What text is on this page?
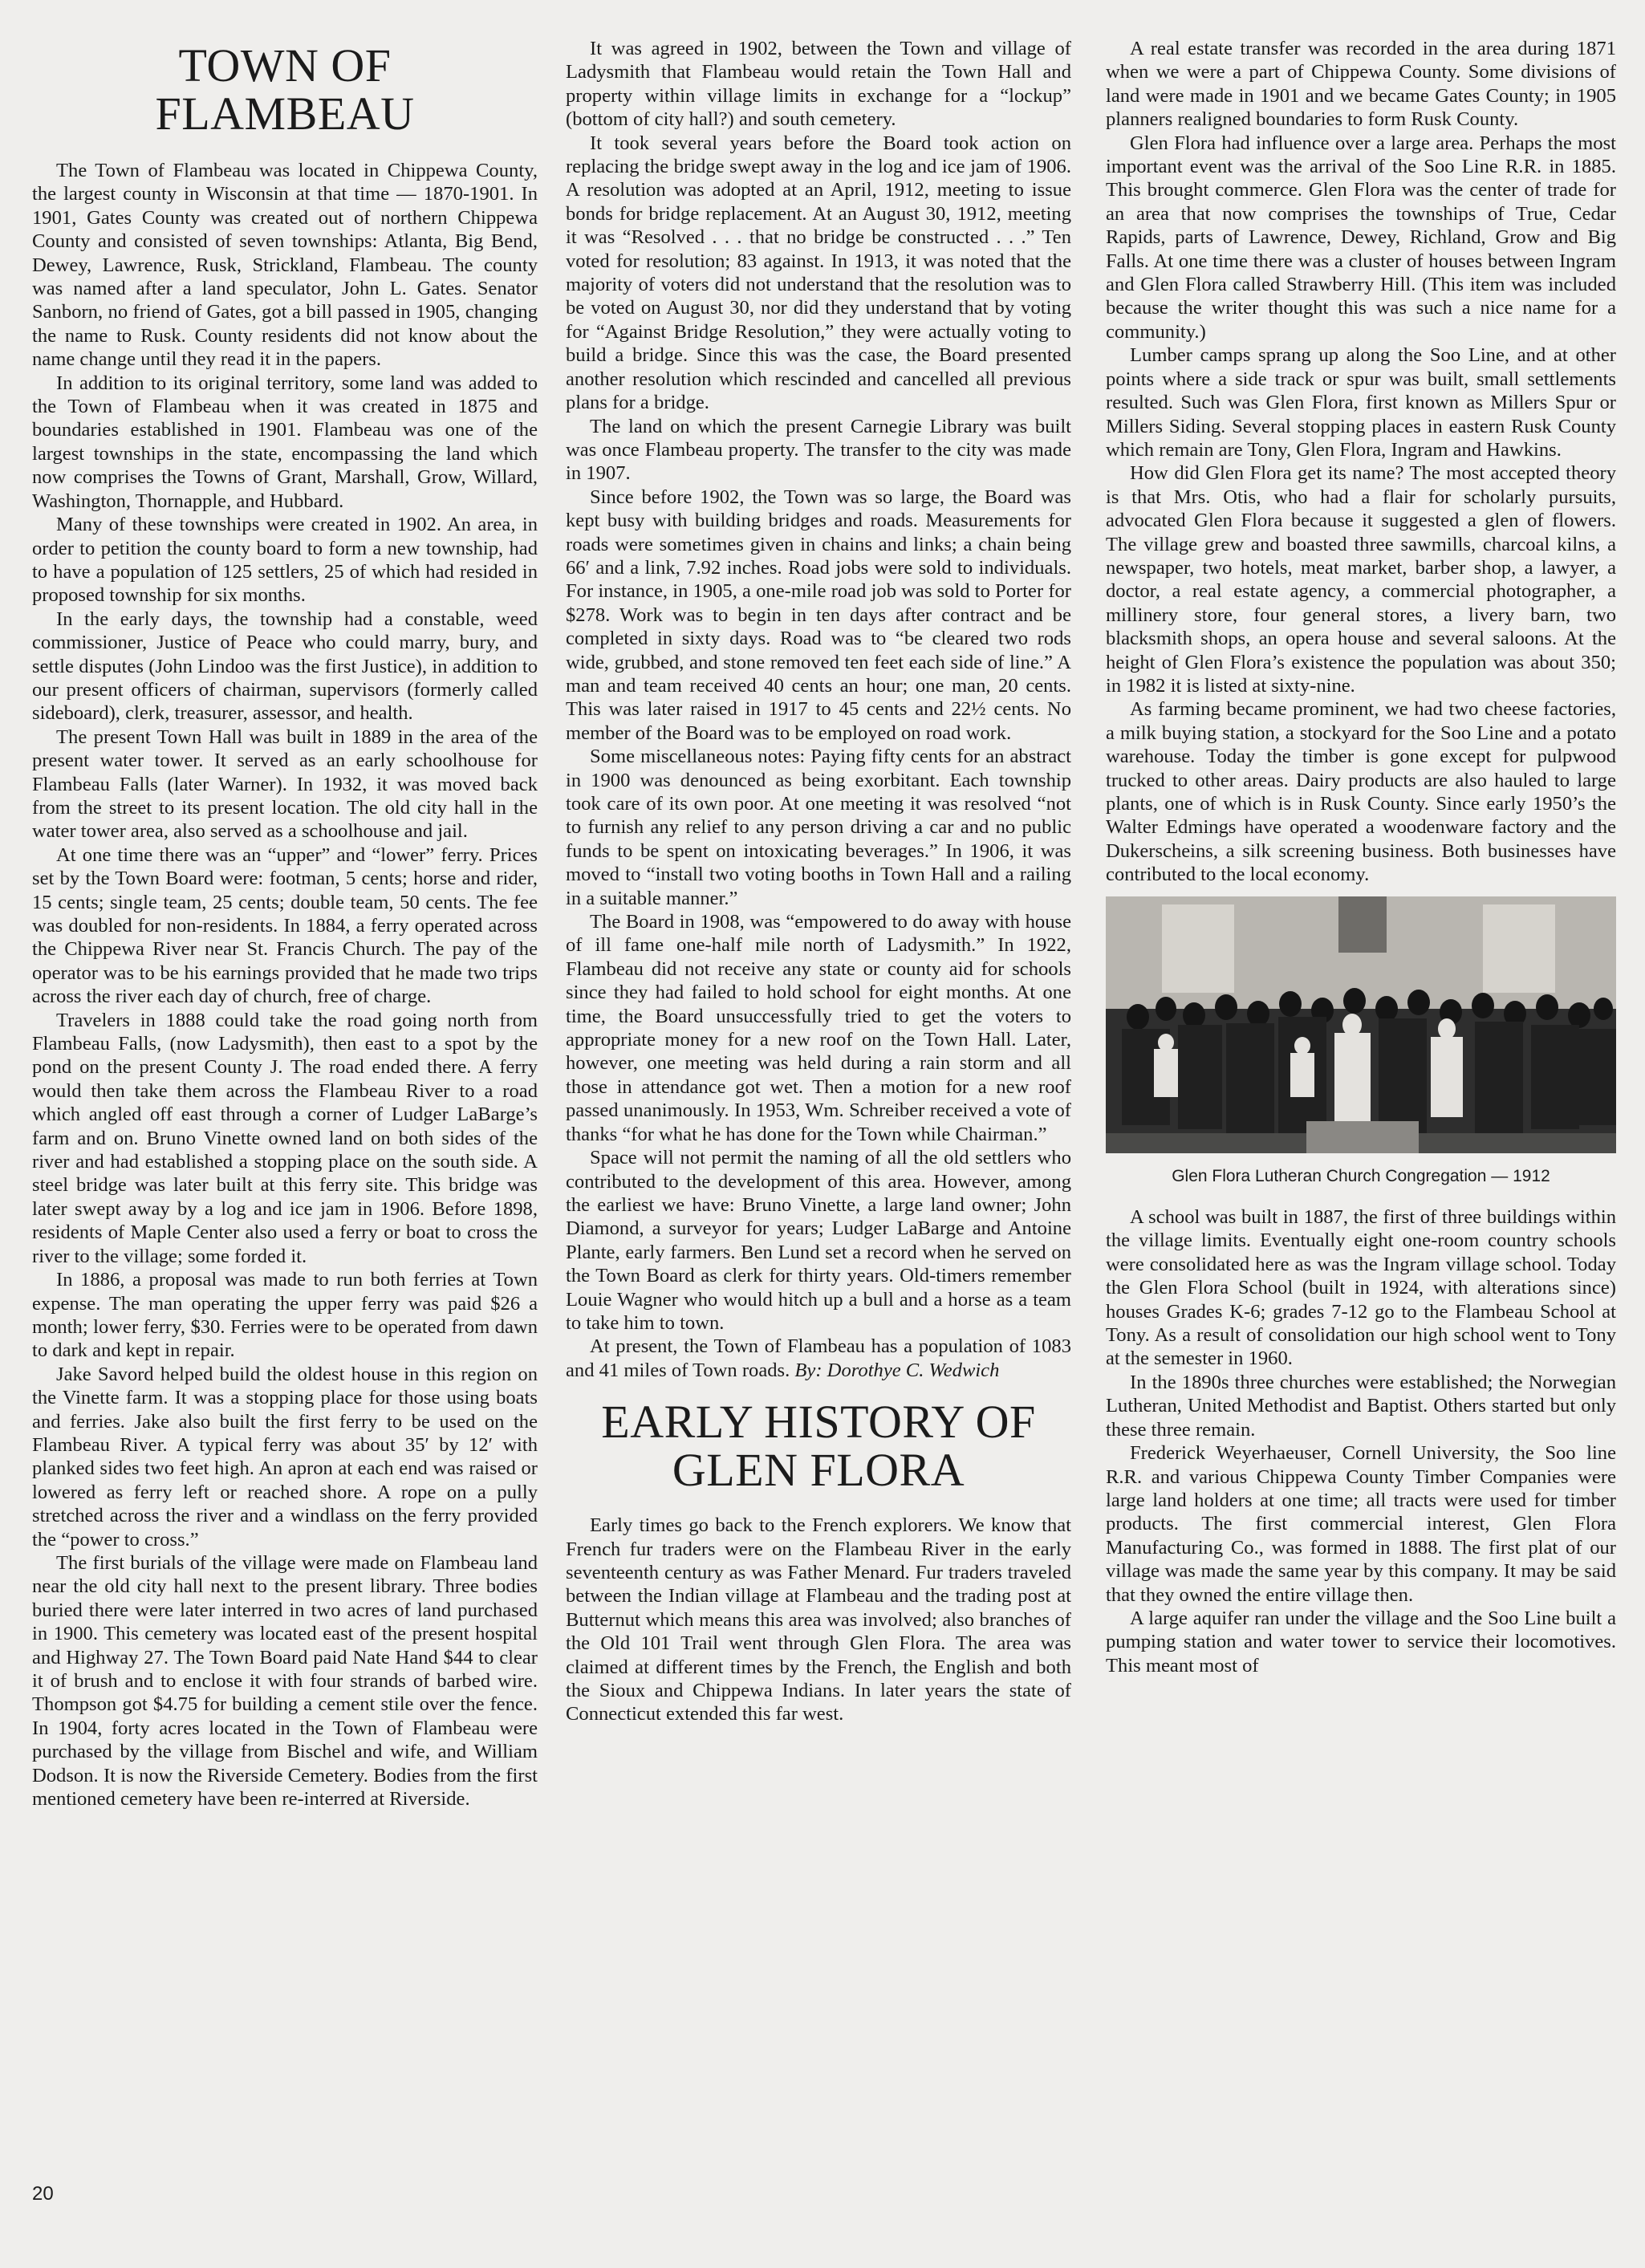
TOWN OF
FLAMBEAU

The Town of Flambeau was located in Chippewa County, the largest county in Wisconsin at that time — 1870-1901. In 1901, Gates County was created out of northern Chippewa County and consisted of seven townships: Atlanta, Big Bend, Dewey, Lawrence, Rusk, Strickland, Flambeau. The county was named after a land speculator, John L. Gates. Senator Sanborn, no friend of Gates, got a bill passed in 1905, changing the name to Rusk. County residents did not know about the name change until they read it in the papers.

In addition to its original territory, some land was added to the Town of Flambeau when it was created in 1875 and boundaries established in 1901. Flambeau was one of the largest townships in the state, encompassing the land which now comprises the Towns of Grant, Marshall, Grow, Willard, Washington, Thornapple, and Hubbard.

Many of these townships were created in 1902. An area, in order to petition the county board to form a new township, had to have a population of 125 settlers, 25 of which had resided in proposed township for six months.

In the early days, the township had a constable, weed commissioner, Justice of Peace who could marry, bury, and settle disputes (John Lindoo was the first Justice), in addition to our present officers of chairman, supervisors (formerly called sideboard), clerk, treasurer, assessor, and health.

The present Town Hall was built in 1889 in the area of the present water tower. It served as an early schoolhouse for Flambeau Falls (later Warner). In 1932, it was moved back from the street to its present location. The old city hall in the water tower area, also served as a schoolhouse and jail.

At one time there was an “upper” and “lower” ferry. Prices set by the Town Board were: footman, 5 cents; horse and rider, 15 cents; single team, 25 cents; double team, 50 cents. The fee was doubled for non-residents. In 1884, a ferry operated across the Chippewa River near St. Francis Church. The pay of the operator was to be his earnings provided that he made two trips across the river each day of church, free of charge.

Travelers in 1888 could take the road going north from Flambeau Falls, (now Ladysmith), then east to a spot by the pond on the present County J. The road ended there. A ferry would then take them across the Flambeau River to a road which angled off east through a corner of Ludger LaBarge’s farm and on. Bruno Vinette owned land on both sides of the river and had established a stopping place on the south side. A steel bridge was later built at this ferry site. This bridge was later swept away by a log and ice jam in 1906. Before 1898, residents of Maple Center also used a ferry or boat to cross the river to the village; some forded it.

In 1886, a proposal was made to run both ferries at Town expense. The man operating the upper ferry was paid $26 a month; lower ferry, $30. Ferries were to be operated from dawn to dark and kept in repair.

Jake Savord helped build the oldest house in this region on the Vinette farm. It was a stopping place for those using boats and ferries. Jake also built the first ferry to be used on the Flambeau River. A typical ferry was about 35′ by 12′ with planked sides two feet high. An apron at each end was raised or lowered as ferry left or reached shore. A rope on a pully stretched across the river and a windlass on the ferry provided the “power to cross.”

The first burials of the village were made on Flambeau land near the old city hall next to the present library. Three bodies buried there were later interred in two acres of land purchased in 1900. This cemetery was located east of the present hospital and Highway 27. The Town Board paid Nate Hand $44 to clear it of brush and to enclose it with four strands of barbed wire. Thompson got $4.75 for building a cement stile over the fence. In 1904, forty acres located in the Town of Flambeau were purchased by the village from Bischel and wife, and William Dodson. It is now the Riverside Cemetery. Bodies from the first mentioned cemetery have been re-interred at Riverside.

It was agreed in 1902, between the Town and village of Ladysmith that Flambeau would retain the Town Hall and property within village limits in exchange for a “lockup” (bottom of city hall?) and south cemetery.

It took several years before the Board took action on replacing the bridge swept away in the log and ice jam of 1906. A resolution was adopted at an April, 1912, meeting to issue bonds for bridge replacement. At an August 30, 1912, meeting it was “Resolved . . . that no bridge be constructed . . .” Ten voted for resolution; 83 against. In 1913, it was noted that the majority of voters did not understand that the resolution was to be voted on August 30, nor did they understand that by voting for “Against Bridge Resolution,” they were actually voting to build a bridge. Since this was the case, the Board presented another resolution which rescinded and cancelled all previous plans for a bridge.

The land on which the present Carnegie Library was built was once Flambeau property. The transfer to the city was made in 1907.

Since before 1902, the Town was so large, the Board was kept busy with building bridges and roads. Measurements for roads were sometimes given in chains and links; a chain being 66′ and a link, 7.92 inches. Road jobs were sold to individuals. For instance, in 1905, a one-mile road job was sold to Porter for $278. Work was to begin in ten days after contract and be completed in sixty days. Road was to “be cleared two rods wide, grubbed, and stone removed ten feet each side of line.” A man and team received 40 cents an hour; one man, 20 cents. This was later raised in 1917 to 45 cents and 22½ cents. No member of the Board was to be employed on road work.

Some miscellaneous notes: Paying fifty cents for an abstract in 1900 was denounced as being exorbitant. Each township took care of its own poor. At one meeting it was resolved “not to furnish any relief to any person driving a car and no public funds to be spent on intoxicating beverages.” In 1906, it was moved to “install two voting booths in Town Hall and a railing in a suitable manner.”

The Board in 1908, was “empowered to do away with house of ill fame one-half mile north of Ladysmith.” In 1922, Flambeau did not receive any state or county aid for schools since they had failed to hold school for eight months. At one time, the Board unsuccessfully tried to get the voters to appropriate money for a new roof on the Town Hall. Later, however, one meeting was held during a rain storm and all those in attendance got wet. Then a motion for a new roof passed unanimously. In 1953, Wm. Schreiber received a vote of thanks “for what he has done for the Town while Chairman.”

Space will not permit the naming of all the old settlers who contributed to the development of this area. However, among the earliest we have: Bruno Vinette, a large land owner; John Diamond, a surveyor for years; Ludger LaBarge and Antoine Plante, early farmers. Ben Lund set a record when he served on the Town Board as clerk for thirty years. Old-timers remember Louie Wagner who would hitch up a bull and a horse as a team to take him to town.

At present, the Town of Flambeau has a population of 1083 and 41 miles of Town roads. By: Dorothye C. Wedwich

EARLY HISTORY OF
GLEN FLORA

Early times go back to the French explorers. We know that French fur traders were on the Flambeau River in the early seventeenth century as was Father Menard. Fur traders traveled between the Indian village at Flambeau and the trading post at Butternut which means this area was involved; also branches of the Old 101 Trail went through Glen Flora. The area was claimed at different times by the French, the English and both the Sioux and Chippewa Indians. In later years the state of Connecticut extended this far west.

A real estate transfer was recorded in the area during 1871 when we were a part of Chippewa County. Some divisions of land were made in 1901 and we became Gates County; in 1905 planners realigned boundaries to form Rusk County.

Glen Flora had influence over a large area. Perhaps the most important event was the arrival of the Soo Line R.R. in 1885. This brought commerce. Glen Flora was the center of trade for an area that now comprises the townships of True, Cedar Rapids, parts of Lawrence, Dewey, Richland, Grow and Big Falls. At one time there was a cluster of houses between Ingram and Glen Flora called Strawberry Hill. (This item was included because the writer thought this was such a nice name for a community.)

Lumber camps sprang up along the Soo Line, and at other points where a side track or spur was built, small settlements resulted. Such was Glen Flora, first known as Millers Spur or Millers Siding. Several stopping places in eastern Rusk County which remain are Tony, Glen Flora, Ingram and Hawkins.

How did Glen Flora get its name? The most accepted theory is that Mrs. Otis, who had a flair for scholarly pursuits, advocated Glen Flora because it suggested a glen of flowers. The village grew and boasted three sawmills, charcoal kilns, a newspaper, two hotels, meat market, barber shop, a lawyer, a doctor, a real estate agency, a commercial photographer, a millinery store, four general stores, a livery barn, two blacksmith shops, an opera house and several saloons. At the height of Glen Flora’s existence the population was about 350; in 1982 it is listed at sixty-nine.

As farming became prominent, we had two cheese factories, a milk buying station, a stockyard for the Soo Line and a potato warehouse. Today the timber is gone except for pulpwood trucked to other areas. Dairy products are also hauled to large plants, one of which is in Rusk County. Since early 1950’s the Walter Edmings have operated a woodenware factory and the Dukerscheins, a silk screening business. Both businesses have contributed to the local economy.

Glen Flora Lutheran Church Congregation — 1912

A school was built in 1887, the first of three buildings within the village limits. Eventually eight one-room country schools were consolidated here as was the Ingram village school. Today the Glen Flora School (built in 1924, with alterations since) houses Grades K-6; grades 7-12 go to the Flambeau School at Tony. As a result of consolidation our high school went to Tony at the semester in 1960.

In the 1890s three churches were established; the Norwegian Lutheran, United Methodist and Baptist. Others started but only these three remain.

Frederick Weyerhaeuser, Cornell University, the Soo line R.R. and various Chippewa County Timber Companies were large land holders at one time; all tracts were used for timber products. The first commercial interest, Glen Flora Manufacturing Co., was formed in 1888. The first plat of our village was made the same year by this company. It may be said that they owned the entire village then.

A large aquifer ran under the village and the Soo Line built a pumping station and water tower to service their locomotives. This meant most of

20
